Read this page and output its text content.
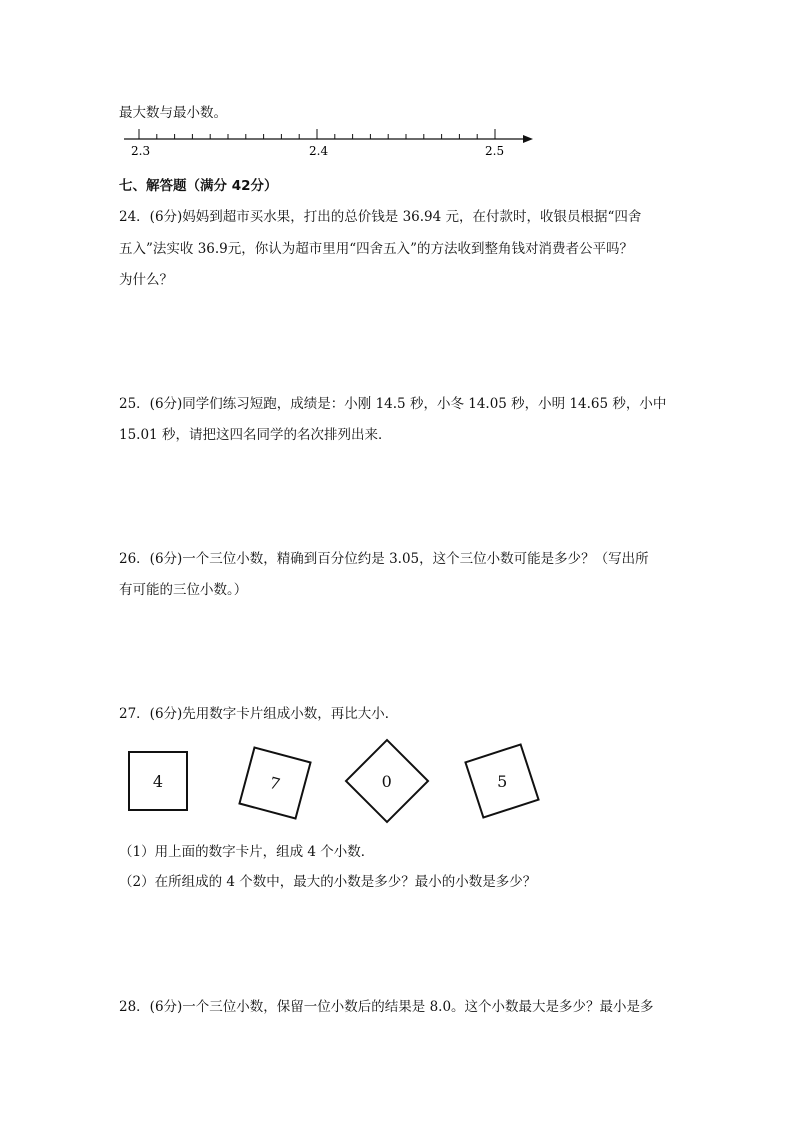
最大数与最小数。
2.3	2.4	2.5
七、解答题（满分 42分）
24．(6分)妈妈到超市买水果，打出的总价钱是 36.94 元，在付款时，收银员根据“四舍
五入”法实收 36.9元，你认为超市里用“四舍五入”的方法收到整角钱对消费者公平吗？
为什么？
25．(6分)同学们练习短跑，成绩是：小刚 14.5 秒，小冬 14.05 秒，小明 14.65 秒，小中
15.01 秒，请把这四名同学的名次排列出来．
26．(6分)一个三位小数，精确到百分位约是 3.05，这个三位小数可能是多少？（写出所
有可能的三位小数。）
27．(6分)先用数字卡片组成小数，再比大小．
4	7	0	5
（1）用上面的数字卡片，组成 4 个小数．
（2）在所组成的 4 个数中，最大的小数是多少？最小的小数是多少？
28．(6分)一个三位小数，保留一位小数后的结果是 8.0。这个小数最大是多少？最小是多
